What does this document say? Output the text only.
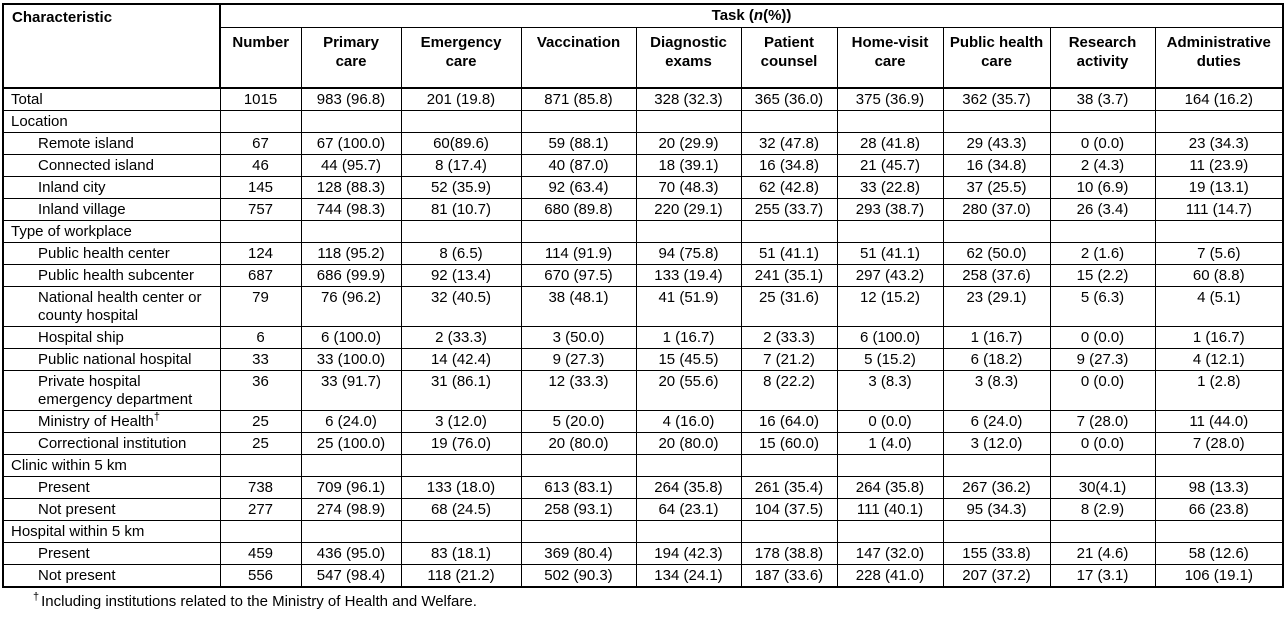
Characteristic	Task (n(%))									
	Number	Primary care	Emergency care	Vaccination	Diagnostic exams	Patient counsel	Home-visit care	Public health care	Research activity	Administrative duties
Total	1015	983 (96.8)	201 (19.8)	871 (85.8)	328 (32.3)	365 (36.0)	375 (36.9)	362 (35.7)	38 (3.7)	164 (16.2)
Location										
Remote island	67	67 (100.0)	60(89.6)	59 (88.1)	20 (29.9)	32 (47.8)	28 (41.8)	29 (43.3)	0 (0.0)	23 (34.3)
Connected island	46	44 (95.7)	8 (17.4)	40 (87.0)	18 (39.1)	16 (34.8)	21 (45.7)	16 (34.8)	2 (4.3)	11 (23.9)
Inland city	145	128 (88.3)	52 (35.9)	92 (63.4)	70 (48.3)	62 (42.8)	33 (22.8)	37 (25.5)	10 (6.9)	19 (13.1)
Inland village	757	744 (98.3)	81 (10.7)	680 (89.8)	220 (29.1)	255 (33.7)	293 (38.7)	280 (37.0)	26 (3.4)	111 (14.7)
Type of workplace										
Public health center	124	118 (95.2)	8 (6.5)	114 (91.9)	94 (75.8)	51 (41.1)	51 (41.1)	62 (50.0)	2 (1.6)	7 (5.6)
Public health subcenter	687	686 (99.9)	92 (13.4)	670 (97.5)	133 (19.4)	241 (35.1)	297 (43.2)	258 (37.6)	15 (2.2)	60 (8.8)
National health center or county hospital	79	76 (96.2)	32 (40.5)	38 (48.1)	41 (51.9)	25 (31.6)	12 (15.2)	23 (29.1)	5 (6.3)	4 (5.1)
Hospital ship	6	6 (100.0)	2 (33.3)	3 (50.0)	1 (16.7)	2 (33.3)	6 (100.0)	1 (16.7)	0 (0.0)	1 (16.7)
Public national hospital	33	33 (100.0)	14 (42.4)	9 (27.3)	15 (45.5)	7 (21.2)	5 (15.2)	6 (18.2)	9 (27.3)	4 (12.1)
Private hospital emergency department	36	33 (91.7)	31 (86.1)	12 (33.3)	20 (55.6)	8 (22.2)	3 (8.3)	3 (8.3)	0 (0.0)	1 (2.8)
Ministry of Health†	25	6 (24.0)	3 (12.0)	5 (20.0)	4 (16.0)	16 (64.0)	0 (0.0)	6 (24.0)	7 (28.0)	11 (44.0)
Correctional institution	25	25 (100.0)	19 (76.0)	20 (80.0)	20 (80.0)	15 (60.0)	1 (4.0)	3 (12.0)	0 (0.0)	7 (28.0)
Clinic within 5 km										
Present	738	709 (96.1)	133 (18.0)	613 (83.1)	264 (35.8)	261 (35.4)	264 (35.8)	267 (36.2)	30(4.1)	98 (13.3)
Not present	277	274 (98.9)	68 (24.5)	258 (93.1)	64 (23.1)	104 (37.5)	111 (40.1)	95 (34.3)	8 (2.9)	66 (23.8)
Hospital within 5 km										
Present	459	436 (95.0)	83 (18.1)	369 (80.4)	194 (42.3)	178 (38.8)	147 (32.0)	155 (33.8)	21 (4.6)	58 (12.6)
Not present	556	547 (98.4)	118 (21.2)	502 (90.3)	134 (24.1)	187 (33.6)	228 (41.0)	207 (37.2)	17 (3.1)	106 (19.1)
† Including institutions related to the Ministry of Health and Welfare.
